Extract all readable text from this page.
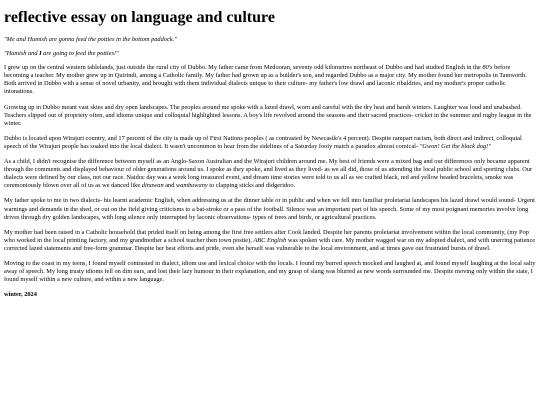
reflective essay on language and culture

"Me and Hamish are gonna feed the potties in the bottom paddock."

"Hamish and I are going to feed the potties!"

I grew up on the central western tablelands, just outside the rural city of Dubbo. My father came from Medooran, seventy odd kilometres northeast of Dubbo and had studied English in the 80's before becoming a teacher. My mother grew up in Quirindi, among a Catholic family. My father had grown up as a builder's son, and regarded Dubbo as a major city. My mother found her metropolis in Tamworth. Both arrived in Dubbo with a sense of novel urbanity, and brought with them individual dialects unique to their culture- my father's low drawl and laconic ribaldries, and my mother's proper catholic intonations.

Growing up in Dubbo meant vast skies and dry open landscapes. The peoples around me spoke with a lazed drawl, worn and careful with the dry heat and harsh winters. Laughter was loud and unabashed. Teachers slipped out of propriety often, and idioms unique and colloquial highlighted lessons. A boy's life revolved around the seasons and their sacred practices- cricket in the summer and rugby league in the winter.

Dubbo is located upon Wirajuri country, and 17 percent of the city is made up of First Nations peoples ( as contrasted by Newcastle's 4 percent). Despite rampart racism, both direct and indirect, colloquial speech of the Wirajuri people has soaked into the local dialect. It wasn't uncommon to hear from the sidelines of a Saturday footy match a paradox almost comical- "Gwon! Get the black dog!"

As a child, I didn't recognise the difference between myself as an Anglo-Saxon Australian and the Wirajuri children around me. My best of friends were a mixed bag and our differences only became apparent through the comments and displayed behaviour of older generations around us. I spoke as they spoke, and lived as they lived- as we all did, those of us attending the local public school and sporting clubs. Our dialects were defined by our class, not our race. Naidoc day was a week long treasured event, and dream time stories were told to us all as we crafted black, red and yellow beaded bracelets, smoke was ceremoniously blown over all of us as we danced like dinawan and wambuwany to clapping sticks and didgeridoo.

My father spoke to me in two dialects- his learnt academic English, when addressing us at the dinner table or in public and when we fell into familiar proletariat landscapes his lazed drawl would sound- Urgent warnings and demands in the shed, or out on the field giving criticisms to a bat-stroke or a pass of the football. Silence was an important part of his speech. Some of my most poignant memories involve long drives through dry golden landscapes, with long silence only interrupted by laconic observations- types of trees and birds, or agricultural practices.

My mother had been raised in a Catholic household that prided itself on being among the first free settlers after Cook landed. Despite her parents proletariat involvement within the local community, (my Pop who worked in the local printing factory, and my grandmother a school teacher then town postie), ABC English was spoken with care. My mother wagged war on my adopted dialect, and with unerring patience corrected lazed statements and free-form grammar. Despite her best efforts and pride, even she herself was vulnerable to the local environment, and at times gave out frustrated bursts of drawl.

Moving to the coast in my teens, I found myself contrasted in dialect, idiom use and lexical choice with the locals. I found my burred speech mocked and laughed at, and found myself laughing at the local salty away of speech. My long trusty idioms fell on dim ears, and lost their lazy humour in their explanation, and my grasp of slang was blurred as new words surrounded me. Despite moving only within the state, I found myself within a new culture, and within a new language.

winter, 2024
